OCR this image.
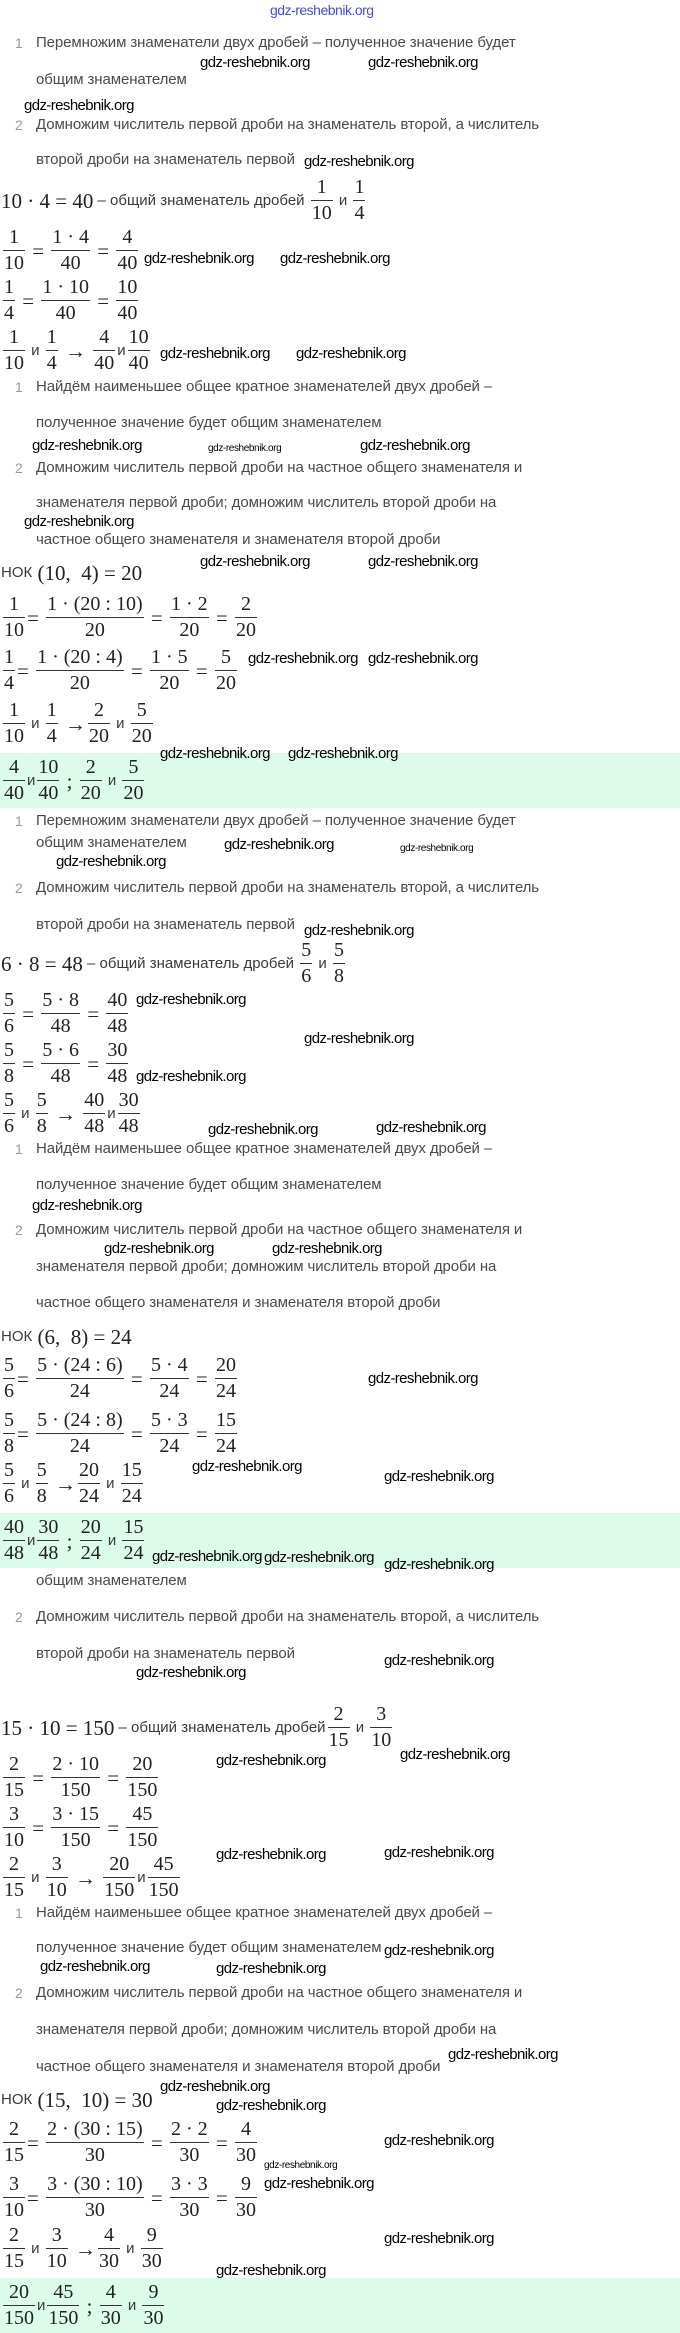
gdz-reshebnik.org
1 Перемножим знаменатели двух дробей – полученное значение будет
общим знаменателем
2 Домножим числитель первой дроби на знаменатель второй, а числитель
второй дроби на знаменатель первой
10 · 4 = 40 – общий знаменатель дробей $\frac{1}{10}$ и $\frac{1}{4}$
$\frac{1}{10} = \frac{1 \cdot 4}{40} = \frac{4}{40}$
$\frac{1}{4} = \frac{1 \cdot 10}{40} = \frac{10}{40}$
$\frac{1}{10}$ и $\frac{1}{4} \to \frac{4}{40}$ и $\frac{10}{40}$
1 Найдём наименьшее общее кратное знаменателей двух дробей –
полученное значение будет общим знаменателем
2 Домножим числитель первой дроби на частное общего знаменателя и
знаменателя первой дроби; домножим числитель второй дроби на
частное общего знаменателя и знаменателя второй дроби
НОК (10,  4) = 20
$\frac{1}{10} = \frac{1 \cdot (20 : 10)}{20} = \frac{1 \cdot 2}{20} = \frac{2}{20}$
$\frac{1}{4} = \frac{1 \cdot (20 : 4)}{20} = \frac{1 \cdot 5}{20} = \frac{5}{20}$
$\frac{1}{10}$ и $\frac{1}{4} \to \frac{2}{20}$ и $\frac{5}{20}$
$\frac{4}{40}$ и $\frac{10}{40}$ ; $\frac{2}{20}$ и $\frac{5}{20}$
1 Перемножим знаменатели двух дробей – полученное значение будет
общим знаменателем
2 Домножим числитель первой дроби на знаменатель второй, а числитель
второй дроби на знаменатель первой
6 · 8 = 48 – общий знаменатель дробей $\frac{5}{6}$ и $\frac{5}{8}$
$\frac{5}{6} = \frac{5 \cdot 8}{48} = \frac{40}{48}$
$\frac{5}{8} = \frac{5 \cdot 6}{48} = \frac{30}{48}$
$\frac{5}{6}$ и $\frac{5}{8} \to \frac{40}{48}$ и $\frac{30}{48}$
1 Найдём наименьшее общее кратное знаменателей двух дробей –
полученное значение будет общим знаменателем
2 Домножим числитель первой дроби на частное общего знаменателя и
знаменателя первой дроби; домножим числитель второй дроби на
частное общего знаменателя и знаменателя второй дроби
НОК (6,  8) = 24
$\frac{5}{6} = \frac{5 \cdot (24 : 6)}{24} = \frac{5 \cdot 4}{24} = \frac{20}{24}$
$\frac{5}{8} = \frac{5 \cdot (24 : 8)}{24} = \frac{5 \cdot 3}{24} = \frac{15}{24}$
$\frac{5}{6}$ и $\frac{5}{8} \to \frac{20}{24}$ и $\frac{15}{24}$
$\frac{40}{48}$ и $\frac{30}{48}$ ; $\frac{20}{24}$ и $\frac{15}{24}$
общим знаменателем
2 Домножим числитель первой дроби на знаменатель второй, а числитель
второй дроби на знаменатель первой
15 · 10 = 150 – общий знаменатель дробей $\frac{2}{15}$ и $\frac{3}{10}$
$\frac{2}{15} = \frac{2 \cdot 10}{150} = \frac{20}{150}$
$\frac{3}{10} = \frac{3 \cdot 15}{150} = \frac{45}{150}$
$\frac{2}{15}$ и $\frac{3}{10} \to \frac{20}{150}$ и $\frac{45}{150}$
1 Найдём наименьшее общее кратное знаменателей двух дробей –
полученное значение будет общим знаменателем
2 Домножим числитель первой дроби на частное общего знаменателя и
знаменателя первой дроби; домножим числитель второй дроби на
частное общего знаменателя и знаменателя второй дроби
НОК (15,  10) = 30
$\frac{2}{15} = \frac{2 \cdot (30 : 15)}{30} = \frac{2 \cdot 2}{30} = \frac{4}{30}$
$\frac{3}{10} = \frac{3 \cdot (30 : 10)}{30} = \frac{3 \cdot 3}{30} = \frac{9}{30}$
$\frac{2}{15}$ и $\frac{3}{10} \to \frac{4}{30}$ и $\frac{9}{30}$
$\frac{20}{150}$ и $\frac{45}{150}$ ; $\frac{4}{30}$ и $\frac{9}{30}$
gdz-reshebnik.org	gdz-reshebnik.org
gdz-reshebnik.org
gdz-reshebnik.org
gdz-reshebnik.org gdz-reshebnik.org
gdz-reshebnik.org gdz-reshebnik.org
gdz-reshebnik.org	gdz-reshebnik.org	gdz-reshebnik.org
gdz-reshebnik.org
gdz-reshebnik.org	gdz-reshebnik.org
gdz-reshebnik.org gdz-reshebnik.org
gdz-reshebnik.org gdz-reshebnik.org
gdz-reshebnik.org	gdz-reshebnik.org
gdz-reshebnik.org
gdz-reshebnik.org
gdz-reshebnik.org
gdz-reshebnik.org
gdz-reshebnik.org
gdz-reshebnik.org
gdz-reshebnik.org
gdz-reshebnik.org
gdz-reshebnik.org	gdz-reshebnik.org
gdz-reshebnik.org
gdz-reshebnik.org
gdz-reshebnik.org
gdz-reshebnik.org gdz-reshebnik.org gdz-reshebnik.org
gdz-reshebnik.org
gdz-reshebnik.org
gdz-reshebnik.org	gdz-reshebnik.org
gdz-reshebnik.org	gdz-reshebnik.org
gdz-reshebnik.org
gdz-reshebnik.org
gdz-reshebnik.org
gdz-reshebnik.org
gdz-reshebnik.org
gdz-reshebnik.org
gdz-reshebnik.org
gdz-reshebnik.org
gdz-reshebnik.org
gdz-reshebnik.org
gdz-reshebnik.org
